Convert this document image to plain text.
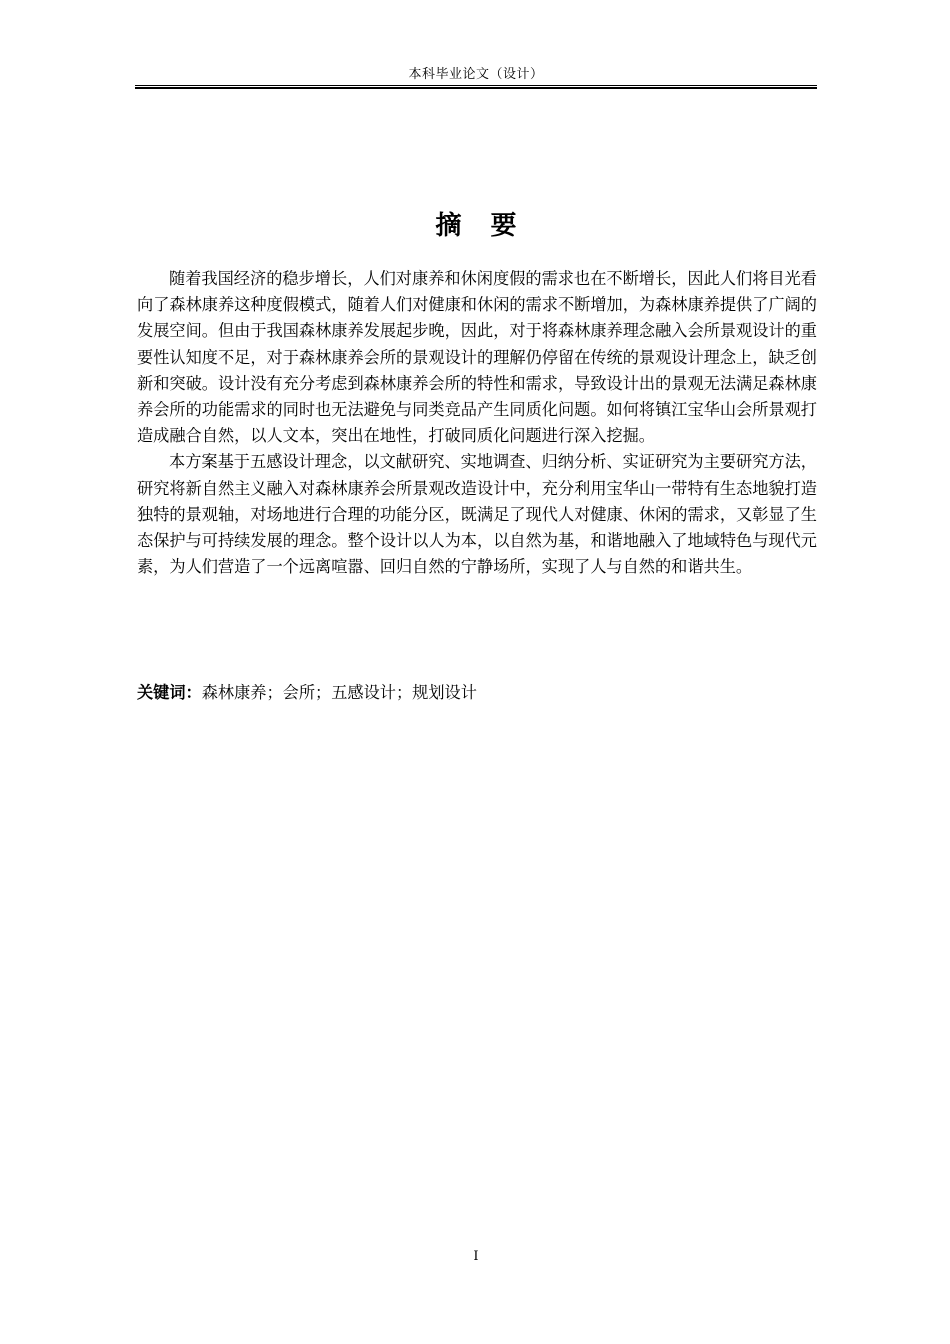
本科毕业论文（设计）
摘 要

随着我国经济的稳步增长，人们对康养和休闲度假的需求也在不断增长，因此人们将目光看向了森林康养这种度假模式，随着人们对健康和休闲的需求不断增加，为森林康养提供了广阔的发展空间。但由于我国森林康养发展起步晚，因此，对于将森林康养理念融入会所景观设计的重要性认知度不足，对于森林康养会所的景观设计的理解仍停留在传统的景观设计理念上，缺乏创新和突破。设计没有充分考虑到森林康养会所的特性和需求，导致设计出的景观无法满足森林康养会所的功能需求的同时也无法避免与同类竞品产生同质化问题。如何将镇江宝华山会所景观打造成融合自然，以人文本，突出在地性，打破同质化问题进行深入挖掘。

本方案基于五感设计理念，以文献研究、实地调查、归纳分析、实证研究为主要研究方法，研究将新自然主义融入对森林康养会所景观改造设计中，充分利用宝华山一带特有生态地貌打造独特的景观轴，对场地进行合理的功能分区，既满足了现代人对健康、休闲的需求，又彰显了生态保护与可持续发展的理念。整个设计以人为本，以自然为基，和谐地融入了地域特色与现代元素，为人们营造了一个远离喧嚣、回归自然的宁静场所，实现了人与自然的和谐共生。

关键词：森林康养；会所；五感设计；规划设计
I
